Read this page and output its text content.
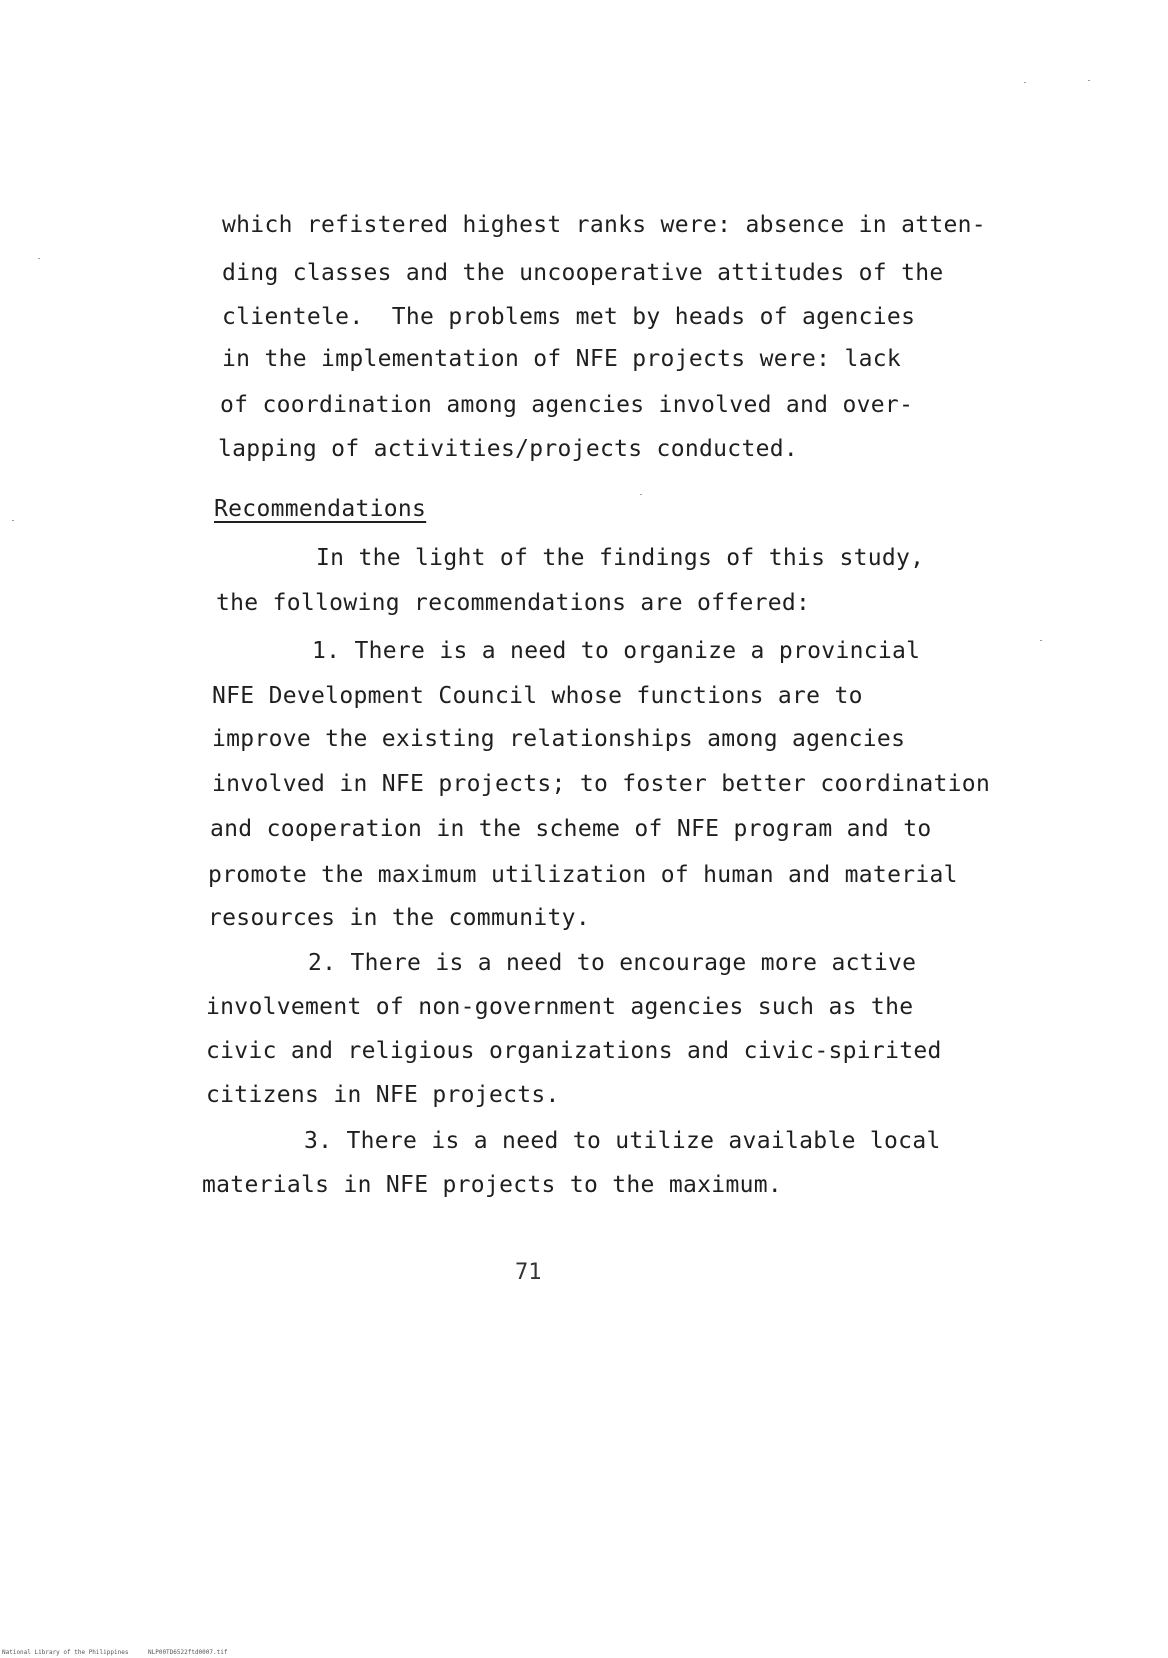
which refistered highest ranks were: absence in atten-
ding classes and the uncooperative attitudes of the
clientele.  The problems met by heads of agencies
in the implementation of NFE projects were: lack
of coordination among agencies involved and over-
lapping of activities/projects conducted.
Recommendations
In the light of the findings of this study,
the following recommendations are offered:
1. There is a need to organize a provincial
NFE Development Council whose functions are to
improve the existing relationships among agencies
involved in NFE projects; to foster better coordination
and cooperation in the scheme of NFE program and to
promote the maximum utilization of human and material
resources in the community.
2. There is a need to encourage more active
involvement of non-government agencies such as the
civic and religious organizations and civic-spirited
citizens in NFE projects.
3. There is a need to utilize available local
materials in NFE projects to the maximum.
71
National Library of the Philippines	NLP00TD6522ftd0007.tif
